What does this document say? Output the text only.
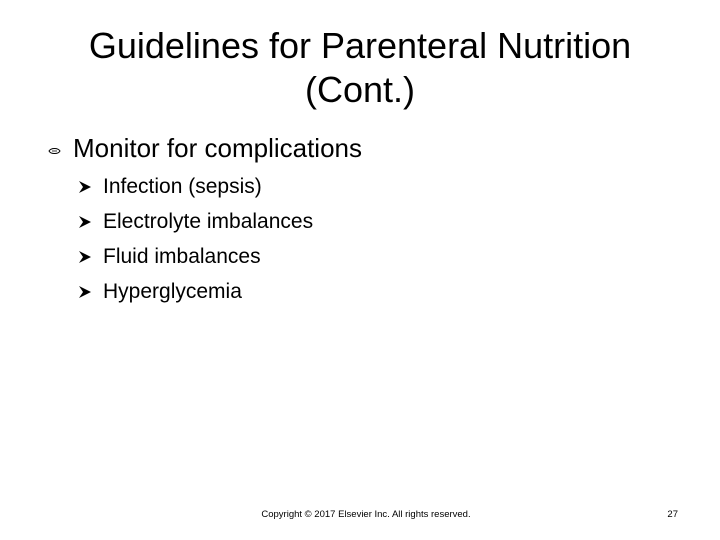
Guidelines for Parenteral Nutrition
(Cont.)
Monitor for complications
Infection (sepsis)
Electrolyte imbalances
Fluid imbalances
Hyperglycemia
Copyright © 2017 Elsevier Inc. All rights reserved.	27
